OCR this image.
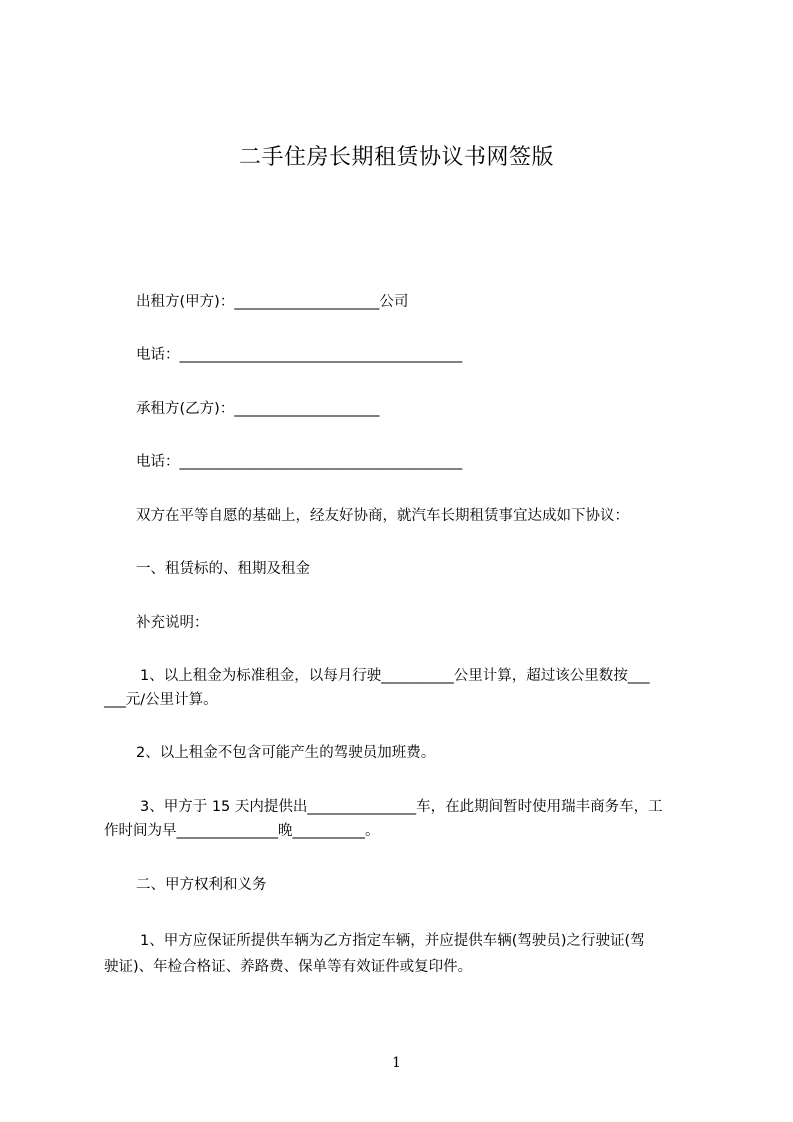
二手住房长期租赁协议书网签版
出租方(甲方)：____________________公司
电话：_______________________________________
承租方(乙方)：____________________
电话：_______________________________________
双方在平等自愿的基础上，经友好协商，就汽车长期租赁事宜达成如下协议：
一、租赁标的、租期及租金
补充说明：
1、以上租金为标准租金，以每月行驶__________公里计算，超过该公里数按___
___元/公里计算。
2、以上租金不包含可能产生的驾驶员加班费。
3、甲方于 15 天内提供出_______________车，在此期间暂时使用瑞丰商务车，工
作时间为早______________晚__________。
二、甲方权利和义务
1、甲方应保证所提供车辆为乙方指定车辆，并应提供车辆(驾驶员)之行驶证(驾
驶证)、年检合格证、养路费、保单等有效证件或复印件。
1
